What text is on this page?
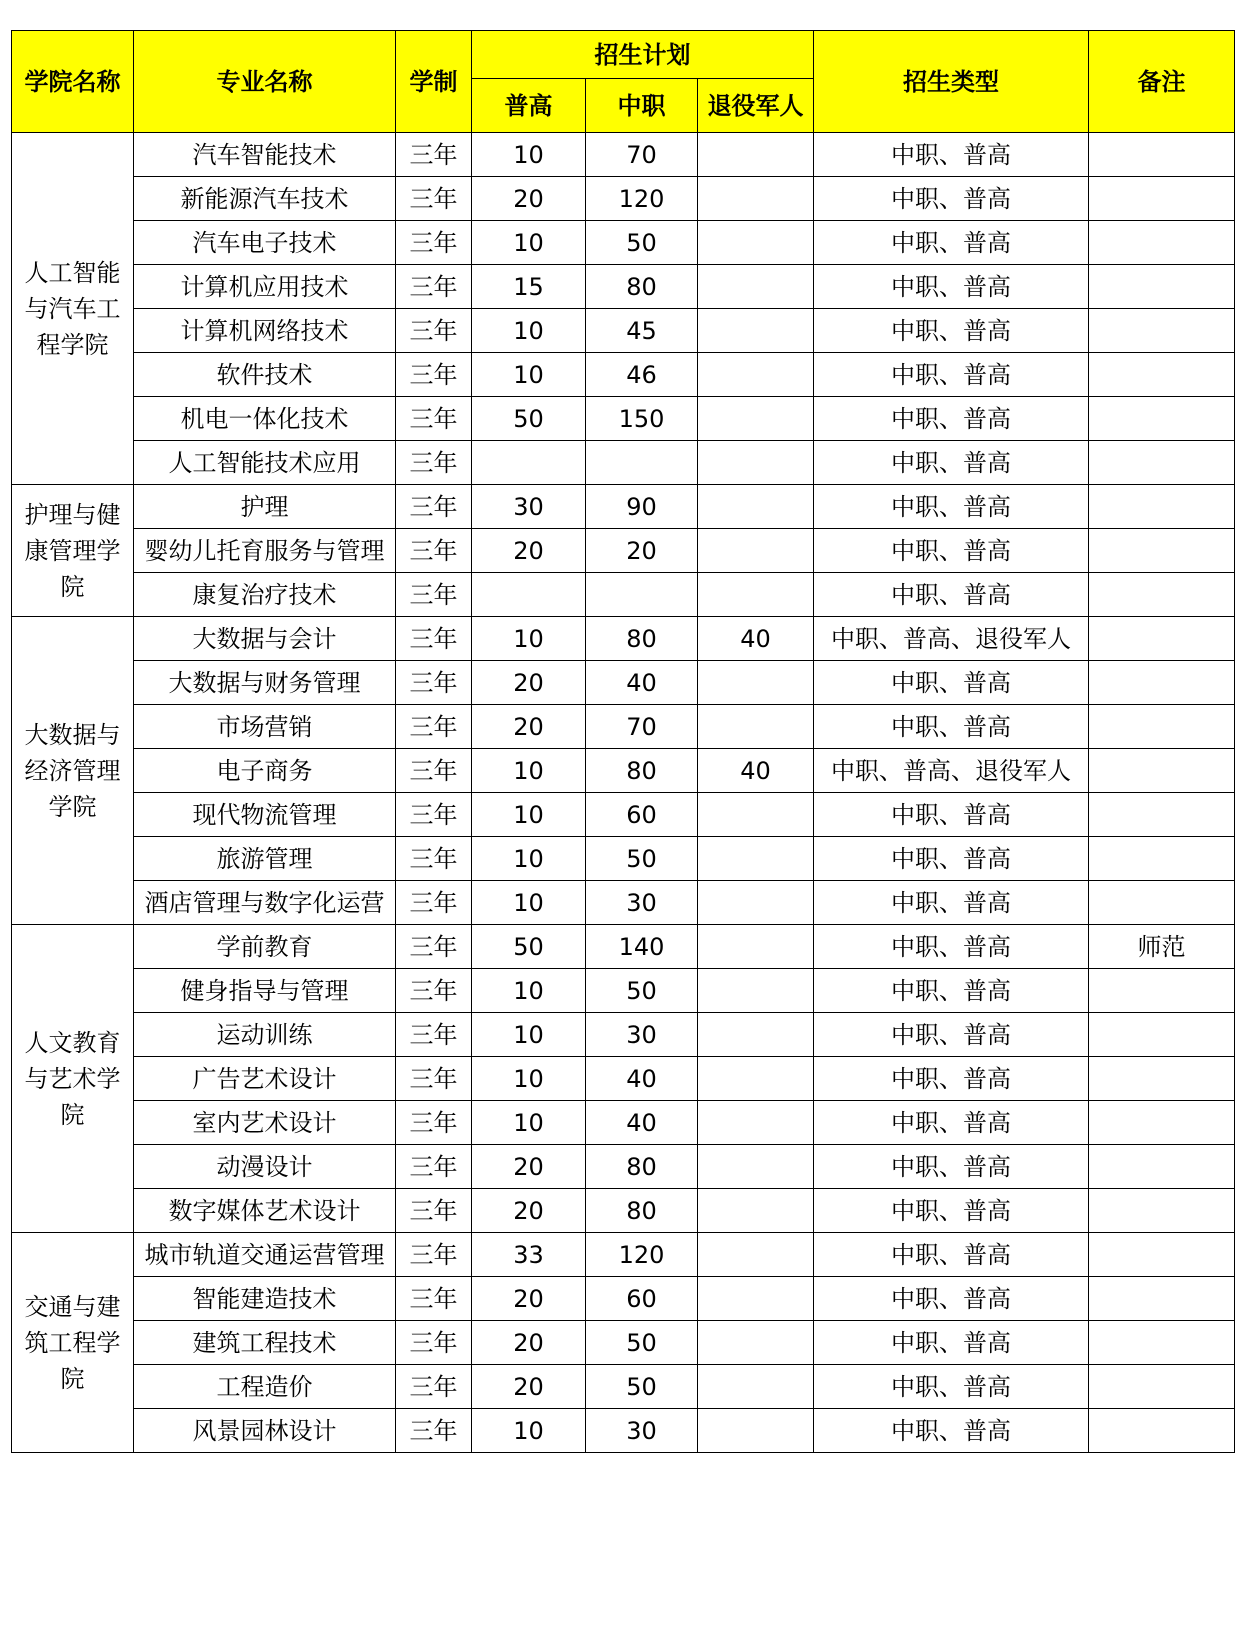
学院名称	专业名称	学制	招生计划			招生类型	备注
			普高	中职	退役军人		
人工智能与汽车工程学院	汽车智能技术	三年	10	70		中职、普高	
	新能源汽车技术	三年	20	120		中职、普高	
	汽车电子技术	三年	10	50		中职、普高	
	计算机应用技术	三年	15	80		中职、普高	
	计算机网络技术	三年	10	45		中职、普高	
	软件技术	三年	10	46		中职、普高	
	机电一体化技术	三年	50	150		中职、普高	
	人工智能技术应用	三年				中职、普高	
护理与健康管理学院	护理	三年	30	90		中职、普高	
	婴幼儿托育服务与管理	三年	20	20		中职、普高	
	康复治疗技术	三年				中职、普高	
大数据与经济管理学院	大数据与会计	三年	10	80	40	中职、普高、退役军人	
	大数据与财务管理	三年	20	40		中职、普高	
	市场营销	三年	20	70		中职、普高	
	电子商务	三年	10	80	40	中职、普高、退役军人	
	现代物流管理	三年	10	60		中职、普高	
	旅游管理	三年	10	50		中职、普高	
	酒店管理与数字化运营	三年	10	30		中职、普高	
人文教育与艺术学院	学前教育	三年	50	140		中职、普高	师范
	健身指导与管理	三年	10	50		中职、普高	
	运动训练	三年	10	30		中职、普高	
	广告艺术设计	三年	10	40		中职、普高	
	室内艺术设计	三年	10	40		中职、普高	
	动漫设计	三年	20	80		中职、普高	
	数字媒体艺术设计	三年	20	80		中职、普高	
交通与建筑工程学院	城市轨道交通运营管理	三年	33	120		中职、普高	
	智能建造技术	三年	20	60		中职、普高	
	建筑工程技术	三年	20	50		中职、普高	
	工程造价	三年	20	50		中职、普高	
	风景园林设计	三年	10	30		中职、普高	
